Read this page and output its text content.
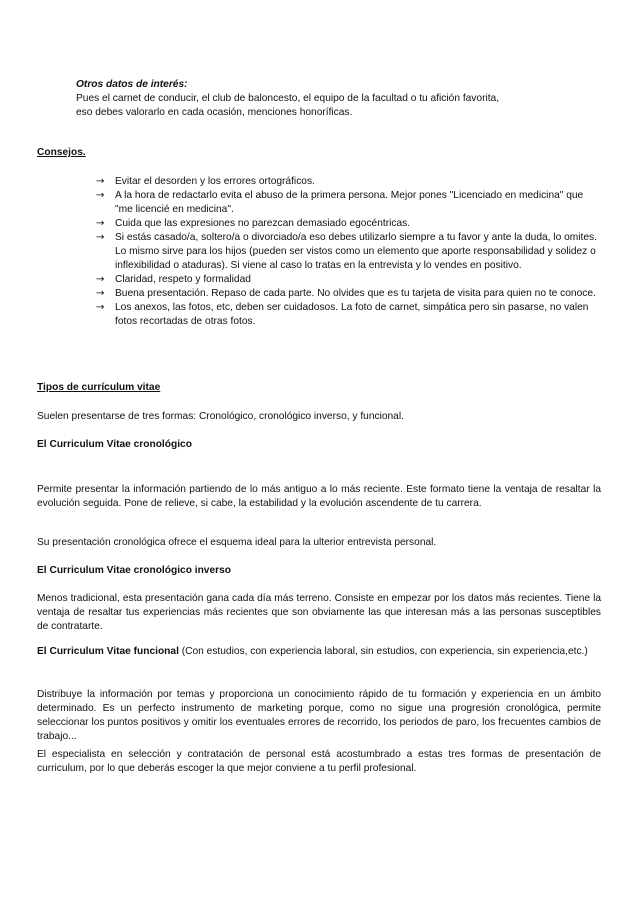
Otros datos de interés:
Pues el carnet de conducir, el club de baloncesto, el equipo de la facultad o tu afición favorita,
eso debes valorarlo en cada ocasión, menciones honoríficas.
Consejos.
→ Evitar el desorden y los errores ortográficos.
→ A la hora de redactarlo evita el abuso de la primera persona. Mejor pones "Licenciado en medicina" que "me licencié en medicina".
→ Cuida que las expresiones no parezcan demasiado egocéntricas.
→ Si estás casado/a, soltero/a o divorciado/a eso debes utilizarlo siempre a tu favor y ante la duda, lo omites. Lo mismo sirve para los hijos (pueden ser vistos como un elemento que aporte responsabilidad y solidez o inflexibilidad o ataduras). Si viene al caso lo tratas en la entrevista y lo vendes en positivo.
→ Claridad, respeto y formalidad
→ Buena presentación. Repaso de cada parte. No olvides que es tu tarjeta de visita para quien no te conoce.
→ Los anexos, las fotos, etc, deben ser cuidadosos. La foto de carnet, simpática pero sin pasarse, no valen fotos recortadas de otras fotos.
Tipos de currículum vitae
Suelen presentarse de tres formas: Cronológico, cronológico inverso, y funcional.
El Curriculum Vitae cronológico
Permite presentar la información partiendo de lo más antiguo a lo más reciente. Este formato tiene la ventaja de resaltar la evolución seguida. Pone de relieve, si cabe, la estabilidad y la evolución ascendente de tu carrera.
Su presentación cronológica ofrece el esquema ideal para la ulterior entrevista personal.
El Curriculum Vitae cronológico inverso
Menos tradicional, esta presentación gana cada día más terreno. Consiste en empezar por los datos más recientes. Tiene la ventaja de resaltar tus experiencias más recientes que son obviamente las que interesan más a las personas susceptibles de contratarte.
El Curriculum Vitae funcional (Con estudios, con experiencia laboral, sin estudios, con experiencia, sin experiencia,etc.)
Distribuye la información por temas y proporciona un conocimiento rápido de tu formación y experiencia en un ámbito determinado. Es un perfecto instrumento de marketing porque, como no sigue una progresión cronológica, permite seleccionar los puntos positivos y omitir los eventuales errores de recorrido, los periodos de paro, los frecuentes cambios de trabajo...
El especialista en selección y contratación de personal está acostumbrado a estas tres formas de presentación de curriculum, por lo que deberás escoger la que mejor conviene a tu perfil profesional.
